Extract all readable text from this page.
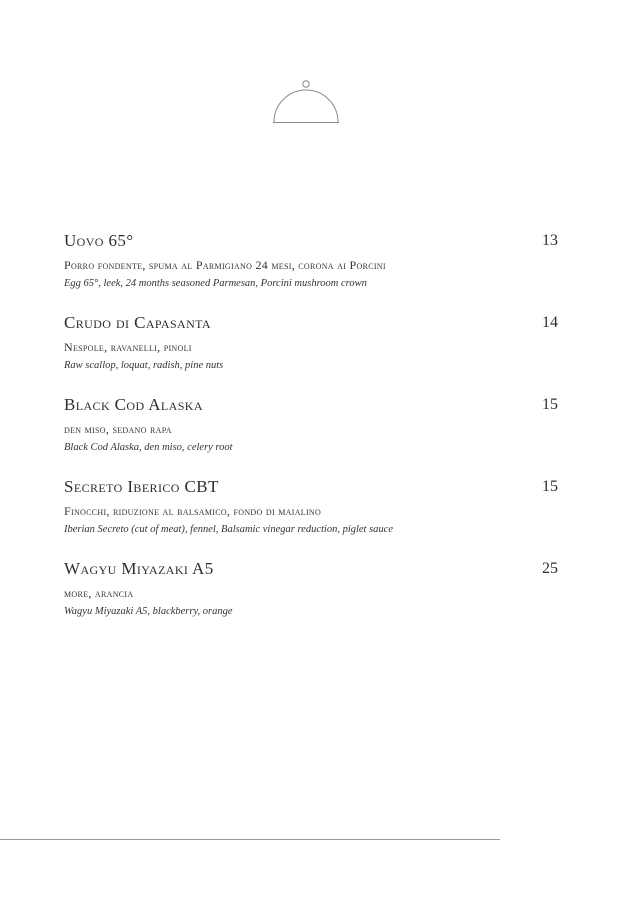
Uovo 65°	13
Porro fondente, spuma al Parmigiano 24 mesi, corona ai Porcini
Egg 65°, leek, 24 months seasoned Parmesan, Porcini mushroom crown
Crudo di Capasanta	14
Nespole, ravanelli, pinoli
Raw scallop, loquat, radish, pine nuts
Black Cod Alaska	15
den miso, sedano rapa
Black Cod Alaska, den miso, celery root
Secreto Iberico CBT	15
Finocchi, riduzione al balsamico, fondo di maialino
Iberian Secreto (cut of meat), fennel, Balsamic vinegar reduction, piglet sauce
Wagyu Miyazaki A5	25
more, arancia
Wagyu Miyazaki A5, blackberry, orange
